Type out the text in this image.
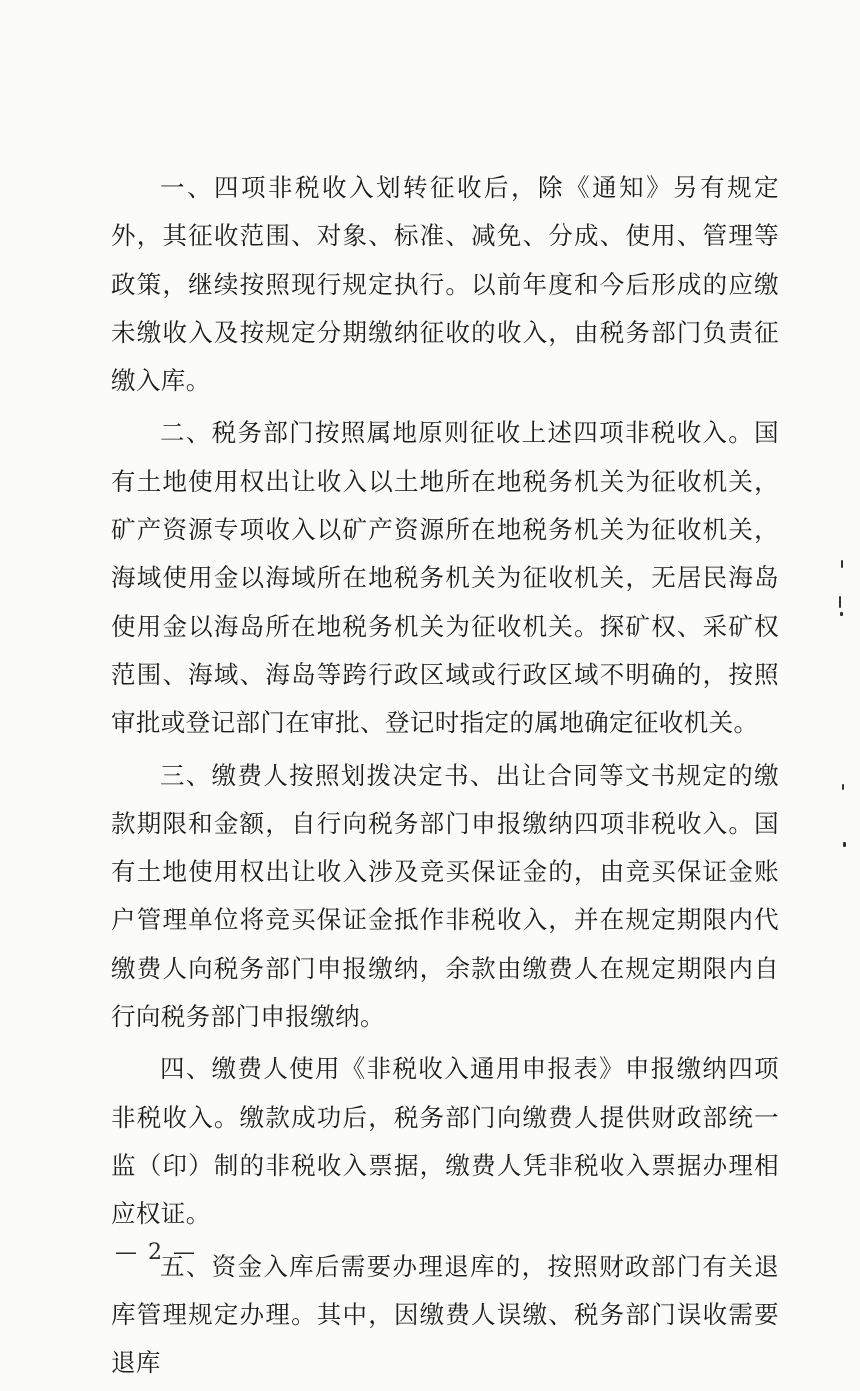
一、四项非税收入划转征收后，除《通知》另有规定外，其征收范围、对象、标准、减免、分成、使用、管理等政策，继续按照现行规定执行。以前年度和今后形成的应缴未缴收入及按规定分期缴纳征收的收入，由税务部门负责征缴入库。

二、税务部门按照属地原则征收上述四项非税收入。国有土地使用权出让收入以土地所在地税务机关为征收机关，矿产资源专项收入以矿产资源所在地税务机关为征收机关，海域使用金以海域所在地税务机关为征收机关，无居民海岛使用金以海岛所在地税务机关为征收机关。探矿权、采矿权范围、海域、海岛等跨行政区域或行政区域不明确的，按照审批或登记部门在审批、登记时指定的属地确定征收机关。

三、缴费人按照划拨决定书、出让合同等文书规定的缴款期限和金额，自行向税务部门申报缴纳四项非税收入。国有土地使用权出让收入涉及竞买保证金的，由竞买保证金账户管理单位将竞买保证金抵作非税收入，并在规定期限内代缴费人向税务部门申报缴纳，余款由缴费人在规定期限内自行向税务部门申报缴纳。

四、缴费人使用《非税收入通用申报表》申报缴纳四项非税收入。缴款成功后，税务部门向缴费人提供财政部统一监（印）制的非税收入票据，缴费人凭非税收入票据办理相应权证。

五、资金入库后需要办理退库的，按照财政部门有关退库管理规定办理。其中，因缴费人误缴、税务部门误收需要退库

— 2 —
